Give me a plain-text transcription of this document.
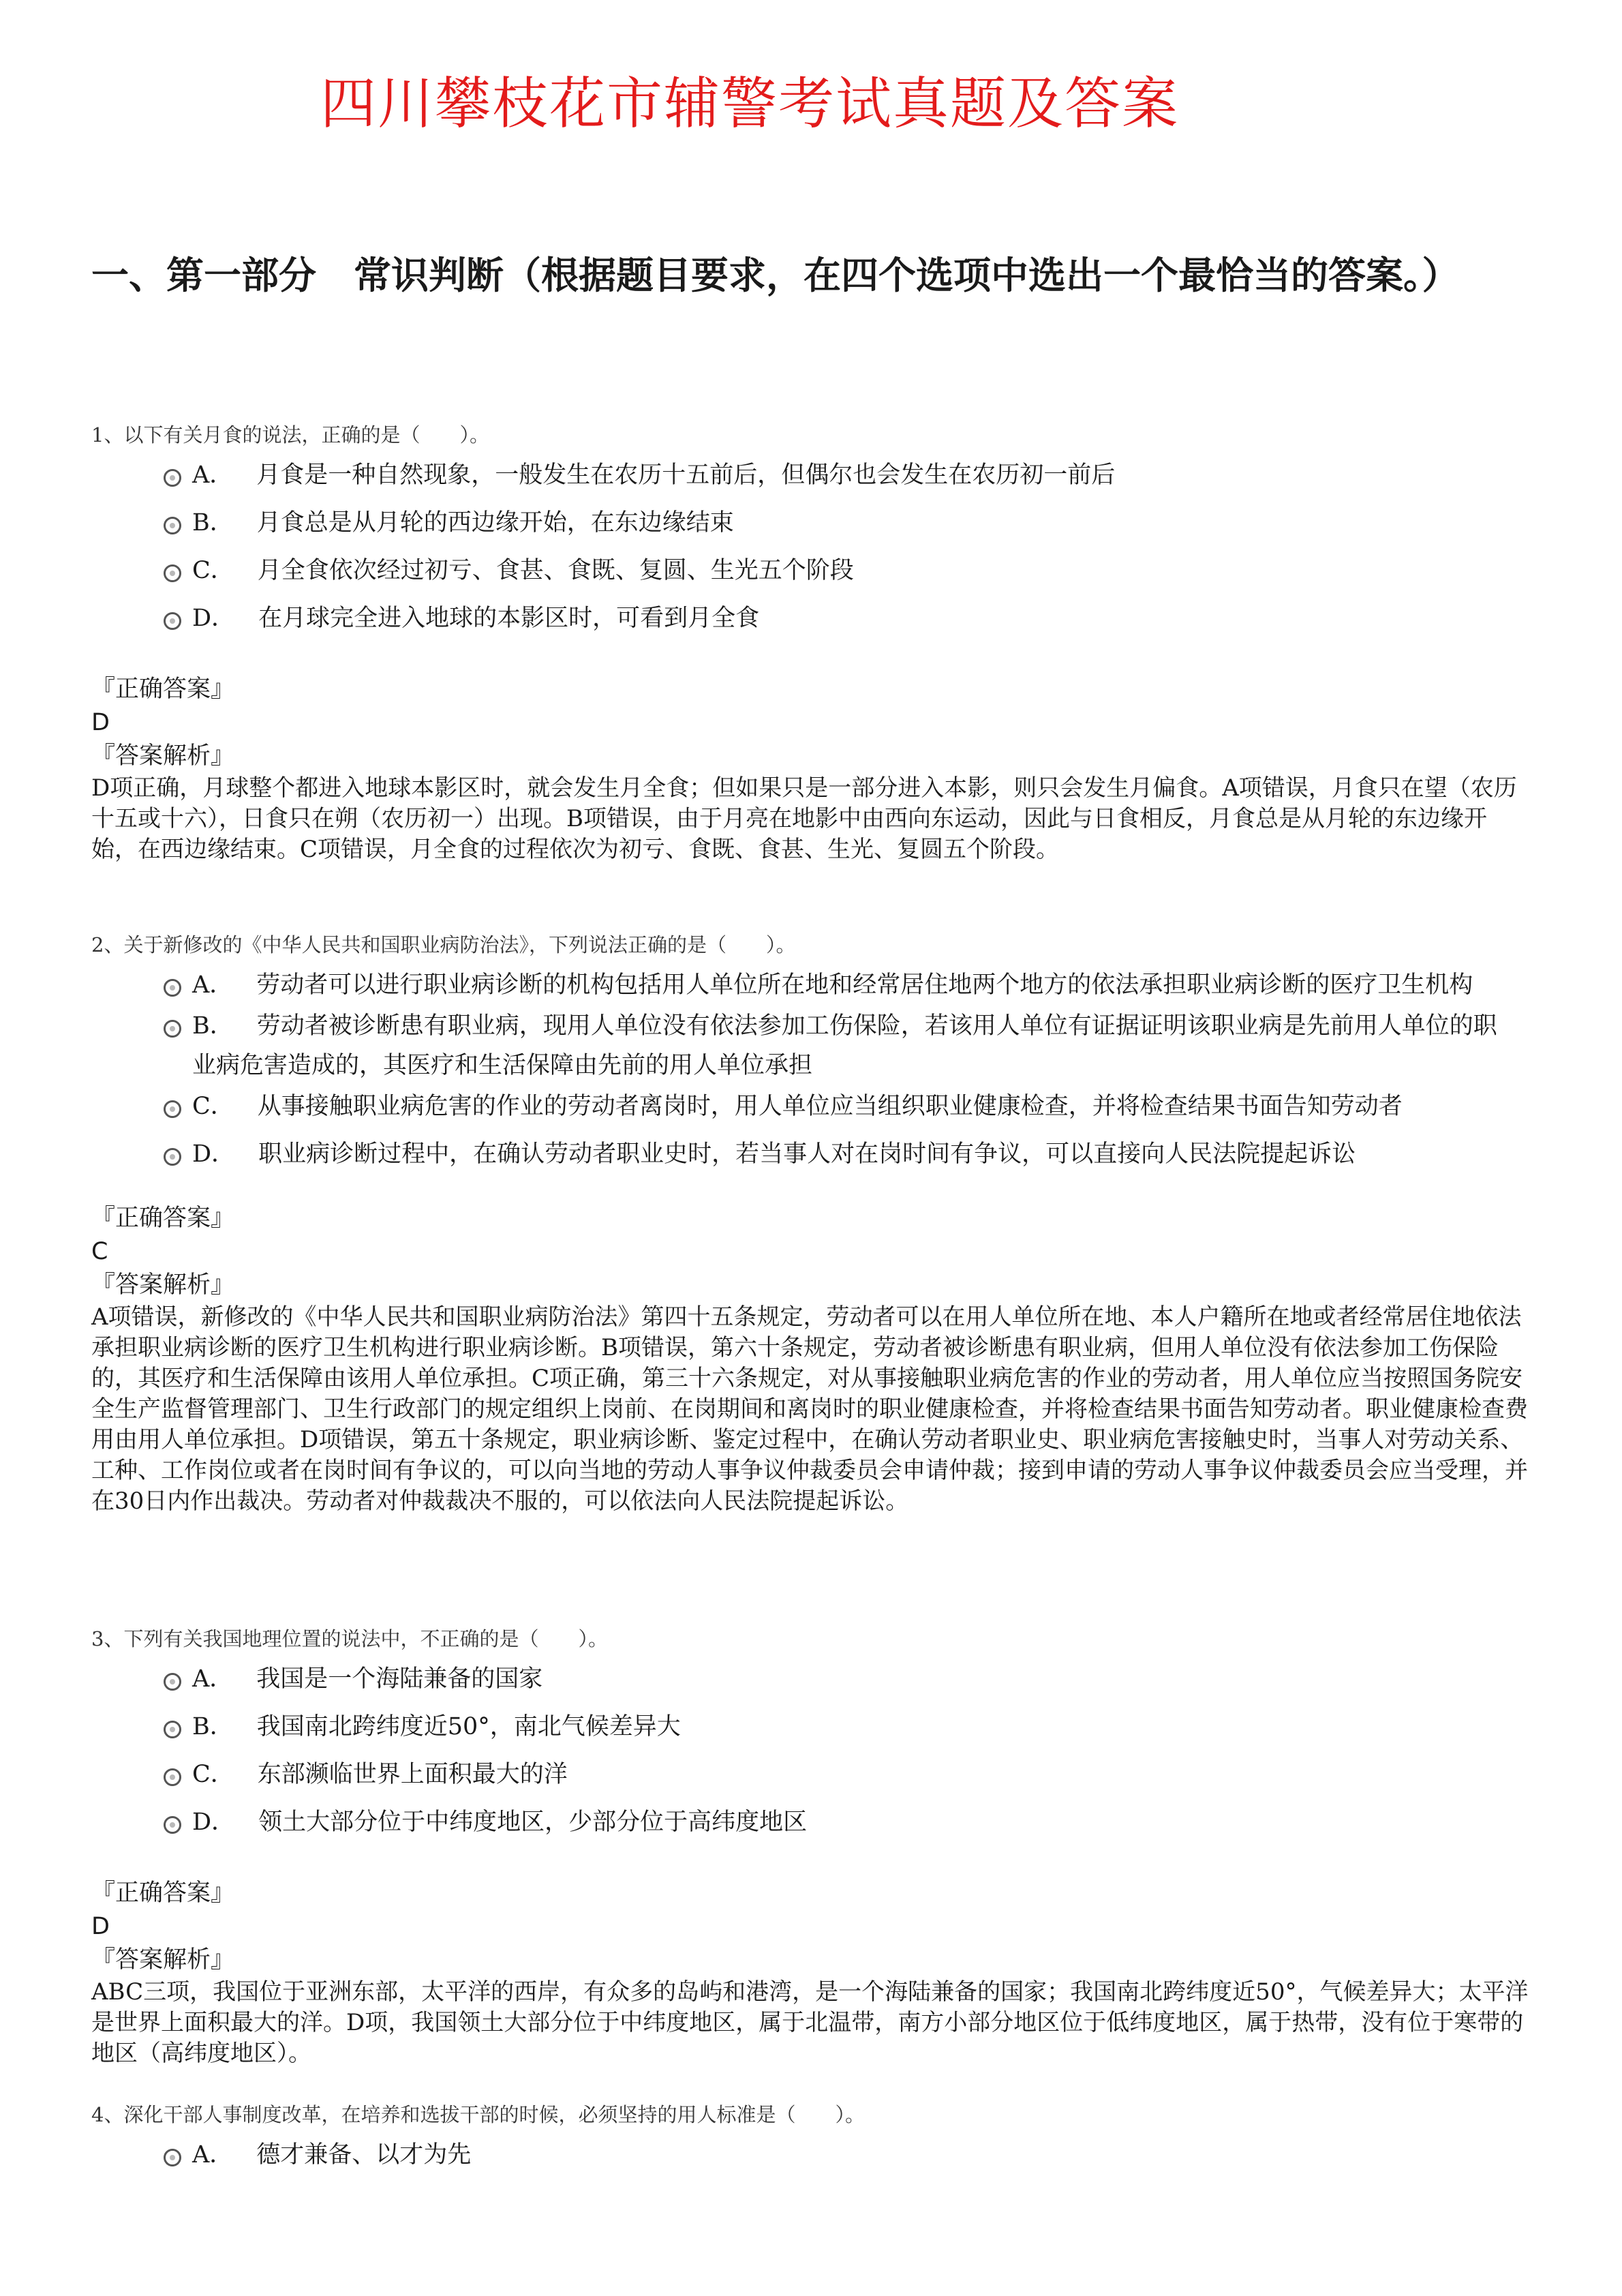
四川攀枝花市辅警考试真题及答案
一、第一部分　常识判断（根据题目要求，在四个选项中选出一个最恰当的答案。）
1、以下有关月食的说法，正确的是（　　）。
A． 月食是一种自然现象，一般发生在农历十五前后，但偶尔也会发生在农历初一前后
B． 月食总是从月轮的西边缘开始，在东边缘结束
C． 月全食依次经过初亏、食甚、食既、复圆、生光五个阶段
D． 在月球完全进入地球的本影区时，可看到月全食
『正确答案』
D
『答案解析』
D项正确，月球整个都进入地球本影区时，就会发生月全食；但如果只是一部分进入本影，则只会发生月偏食。A项错误，月食只在望（农历十五或十六），日食只在朔（农历初一）出现。B项错误，由于月亮在地影中由西向东运动，因此与日食相反，月食总是从月轮的东边缘开始，在西边缘结束。C项错误，月全食的过程依次为初亏、食既、食甚、生光、复圆五个阶段。
2、关于新修改的《中华人民共和国职业病防治法》，下列说法正确的是（　　）。
A． 劳动者可以进行职业病诊断的机构包括用人单位所在地和经常居住地两个地方的依法承担职业病诊断的医疗卫生机构
B． 劳动者被诊断患有职业病，现用人单位没有依法参加工伤保险，若该用人单位有证据证明该职业病是先前用人单位的职业病危害造成的，其医疗和生活保障由先前的用人单位承担
C． 从事接触职业病危害的作业的劳动者离岗时，用人单位应当组织职业健康检查，并将检查结果书面告知劳动者
D． 职业病诊断过程中，在确认劳动者职业史时，若当事人对在岗时间有争议，可以直接向人民法院提起诉讼
『正确答案』
C
『答案解析』
A项错误，新修改的《中华人民共和国职业病防治法》第四十五条规定，劳动者可以在用人单位所在地、本人户籍所在地或者经常居住地依法承担职业病诊断的医疗卫生机构进行职业病诊断。B项错误，第六十条规定，劳动者被诊断患有职业病，但用人单位没有依法参加工伤保险的，其医疗和生活保障由该用人单位承担。C项正确，第三十六条规定，对从事接触职业病危害的作业的劳动者，用人单位应当按照国务院安全生产监督管理部门、卫生行政部门的规定组织上岗前、在岗期间和离岗时的职业健康检查，并将检查结果书面告知劳动者。职业健康检查费用由用人单位承担。D项错误，第五十条规定，职业病诊断、鉴定过程中，在确认劳动者职业史、职业病危害接触史时，当事人对劳动关系、工种、工作岗位或者在岗时间有争议的，可以向当地的劳动人事争议仲裁委员会申请仲裁；接到申请的劳动人事争议仲裁委员会应当受理，并在30日内作出裁决。劳动者对仲裁裁决不服的，可以依法向人民法院提起诉讼。
3、下列有关我国地理位置的说法中，不正确的是（　　）。
A． 我国是一个海陆兼备的国家
B． 我国南北跨纬度近50°，南北气候差异大
C． 东部濒临世界上面积最大的洋
D． 领土大部分位于中纬度地区，少部分位于高纬度地区
『正确答案』
D
『答案解析』
ABC三项，我国位于亚洲东部，太平洋的西岸，有众多的岛屿和港湾，是一个海陆兼备的国家；我国南北跨纬度近50°，气候差异大；太平洋是世界上面积最大的洋。D项，我国领土大部分位于中纬度地区，属于北温带，南方小部分地区位于低纬度地区，属于热带，没有位于寒带的地区（高纬度地区）。
4、深化干部人事制度改革，在培养和选拔干部的时候，必须坚持的用人标准是（　　）。
A． 德才兼备、以才为先
